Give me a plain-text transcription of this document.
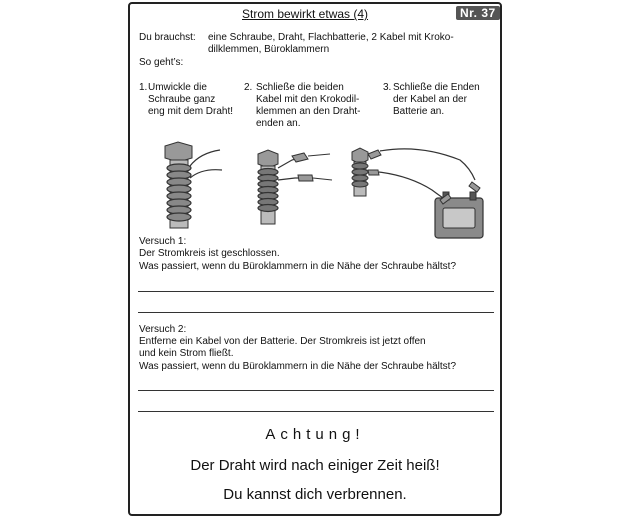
Strom bewirkt etwas (4)	Nr. 37
Du brauchst: eine Schraube, Draht, Flachbatterie, 2 Kabel mit Kroko-
dilklemmen, Büroklammern
So geht’s:
1. Umwickle die
Schraube ganz
eng mit dem Draht!
2. Schließe die beiden
Kabel mit den Krokodil-
klemmen an den Draht-
enden an.
3. Schließe die Enden
der Kabel an der
Batterie an.
Versuch 1:
Der Stromkreis ist geschlossen.
Was passiert, wenn du Büroklammern in die Nähe der Schraube hältst?
Versuch 2:
Entferne ein Kabel von der Batterie. Der Stromkreis ist jetzt offen
und kein Strom fließt.
Was passiert, wenn du Büroklammern in die Nähe der Schraube hältst?
Achtung!
Der Draht wird nach einiger Zeit heiß!
Du kannst dich verbrennen.
